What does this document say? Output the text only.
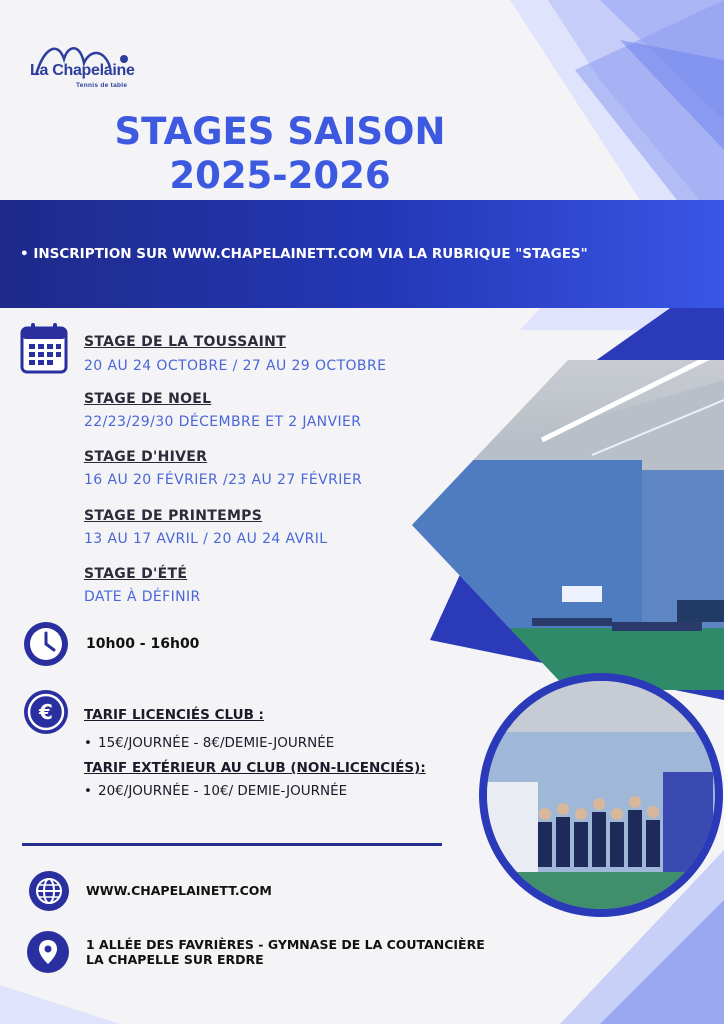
La Chapelaine
Tennis de table
STAGES SAISON
2025-2026
• INSCRIPTION SUR WWW.CHAPELAINETT.COM VIA LA RUBRIQUE "STAGES"
STAGE DE LA TOUSSAINT
20 AU 24 OCTOBRE / 27 AU 29 OCTOBRE
STAGE DE NOEL
22/23/29/30 DÉCEMBRE ET 2 JANVIER
STAGE D'HIVER
16 AU 20 FÉVRIER /23 AU 27 FÉVRIER
STAGE DE PRINTEMPS
13 AU 17 AVRIL / 20 AU 24 AVRIL
STAGE D'ÉTÉ
DATE À DÉFINIR
10h00 - 16h00
€ TARIF LICENCIÉS CLUB :
• 15€/JOURNÉE - 8€/DEMIE-JOURNÉE
TARIF EXTÉRIEUR AU CLUB (NON-LICENCIÉS):
• 20€/JOURNÉE - 10€/ DEMIE-JOURNÉE
WWW.CHAPELAINETT.COM
1 ALLÉE DES FAVRIÈRES - GYMNASE DE LA COUTANCIÈRE
LA CHAPELLE SUR ERDRE
